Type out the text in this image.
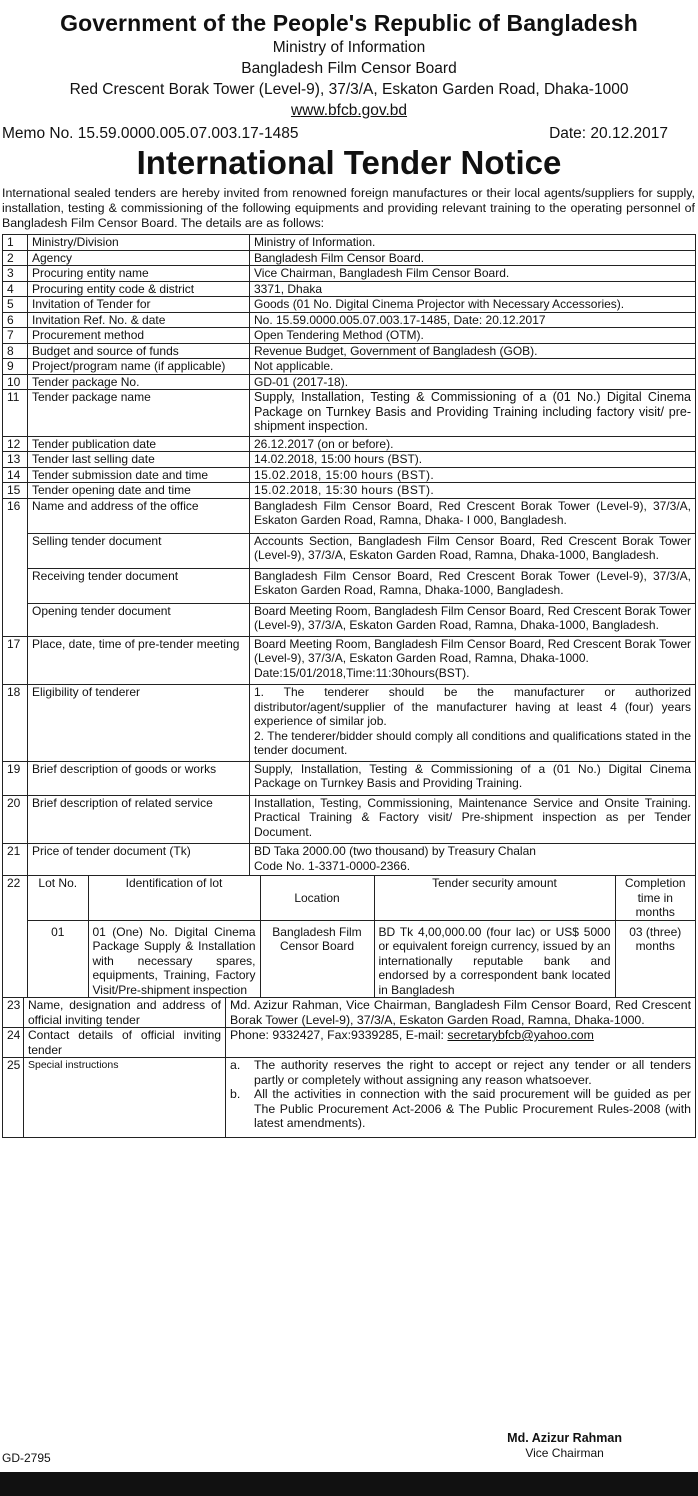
Government of the People's Republic of Bangladesh
Ministry of Information
Bangladesh Film Censor Board
Red Crescent Borak Tower (Level-9), 37/3/A, Eskaton Garden Road, Dhaka-1000
www.bfcb.gov.bd
Memo No. 15.59.0000.005.07.003.17-1485	Date: 20.12.2017
International Tender Notice
International sealed tenders are hereby invited from renowned foreign manufactures or their local agents/suppliers for supply, installation, testing & commissioning of the following equipments and providing relevant training to the operating personnel of Bangladesh Film Censor Board. The details are as follows:
1	Ministry/Division	Ministry of Information.
2	Agency	Bangladesh Film Censor Board.
3	Procuring entity name	Vice Chairman, Bangladesh Film Censor Board.
4	Procuring entity code & district	3371, Dhaka
5	Invitation of Tender for	Goods (01 No. Digital Cinema Projector with Necessary Accessories).
6	Invitation Ref. No. & date	No. 15.59.0000.005.07.003.17-1485, Date: 20.12.2017
7	Procurement method	Open Tendering Method (OTM).
8	Budget and source of funds	Revenue Budget, Government of Bangladesh (GOB).
9	Project/program name (if applicable)	Not applicable.
10	Tender package No.	GD-01 (2017-18).
11	Tender package name	Supply, Installation, Testing & Commissioning of a (01 No.) Digital Cinema Package on Turnkey Basis and Providing Training including factory visit/ pre-shipment inspection.
12	Tender publication date	26.12.2017 (on or before).
13	Tender last selling date	14.02.2018, 15:00 hours (BST).
14	Tender submission date and time	15.02.2018, 15:00 hours (BST).
15	Tender opening date and time	15.02.2018, 15:30 hours (BST).
16	Name and address of the office	Bangladesh Film Censor Board, Red Crescent Borak Tower (Level-9), 37/3/A, Eskaton Garden Road, Ramna, Dhaka- I 000, Bangladesh.
Selling tender document	Accounts Section, Bangladesh Film Censor Board, Red Crescent Borak Tower (Level-9), 37/3/A, Eskaton Garden Road, Ramna, Dhaka-1000, Bangladesh.
Receiving tender document	Bangladesh Film Censor Board, Red Crescent Borak Tower (Level-9), 37/3/A, Eskaton Garden Road, Ramna, Dhaka-1000, Bangladesh.
Opening tender document	Board Meeting Room, Bangladesh Film Censor Board, Red Crescent Borak Tower (Level-9), 37/3/A, Eskaton Garden Road, Ramna, Dhaka-1000, Bangladesh.
17	Place, date, time of pre-tender meeting	Board Meeting Room, Bangladesh Film Censor Board, Red Crescent Borak Tower (Level-9), 37/3/A, Eskaton Garden Road, Ramna, Dhaka-1000.
Date:15/01/2018,Time:11:30hours(BST).

18	Eligibility of tenderer	1. The tenderer should be the manufacturer or authorized distributor/agent/supplier of the manufacturer having at least 4 (four) years experience of similar job.
2. The tenderer/bidder should comply all conditions and qualifications stated in the tender document.

19	Brief description of goods or works	Supply, Installation, Testing & Commissioning of a (01 No.) Digital Cinema Package on Turnkey Basis and Providing Training.
20	Brief description of related service	Installation, Testing, Commissioning, Maintenance Service and Onsite Training. Practical Training & Factory visit/ Pre-shipment inspection as per Tender Document.
21	Price of tender document (Tk)	BD Taka 2000.00 (two thousand) by Treasury Chalan
Code No. 1-3371-0000-2366.

22	Lot No.	Identification of lot	Location	Tender security amount	Completion time in months
01	01 (One) No. Digital Cinema Package Supply & Installation with necessary spares, equipments, Training, Factory Visit/Pre-shipment inspection	Bangladesh Film Censor Board	BD Tk 4,00,000.00 (four lac) or US$ 5000 or equivalent foreign currency, issued by an internationally reputable bank and endorsed by a correspondent bank located in Bangladesh	03 (three) months
23	Name, designation and address of official inviting tender	Md. Azizur Rahman, Vice Chairman, Bangladesh Film Censor Board, Red Crescent Borak Tower (Level-9), 37/3/A, Eskaton Garden Road, Ramna, Dhaka-1000.
24	Contact details of official inviting tender	Phone: 9332427, Fax:9339285, E-mail: secretarybfcb@yahoo.com
25	Special instructions	a. The authority reserves the right to accept or reject any tender or all tenders partly or completely without assigning any reason whatsoever.
b. All the activities in connection with the said procurement will be guided as per The Public Procurement Act-2006 & The Public Procurement Rules-2008 (with latest amendments).
Md. Azizur Rahman
Vice Chairman
GD-2795
